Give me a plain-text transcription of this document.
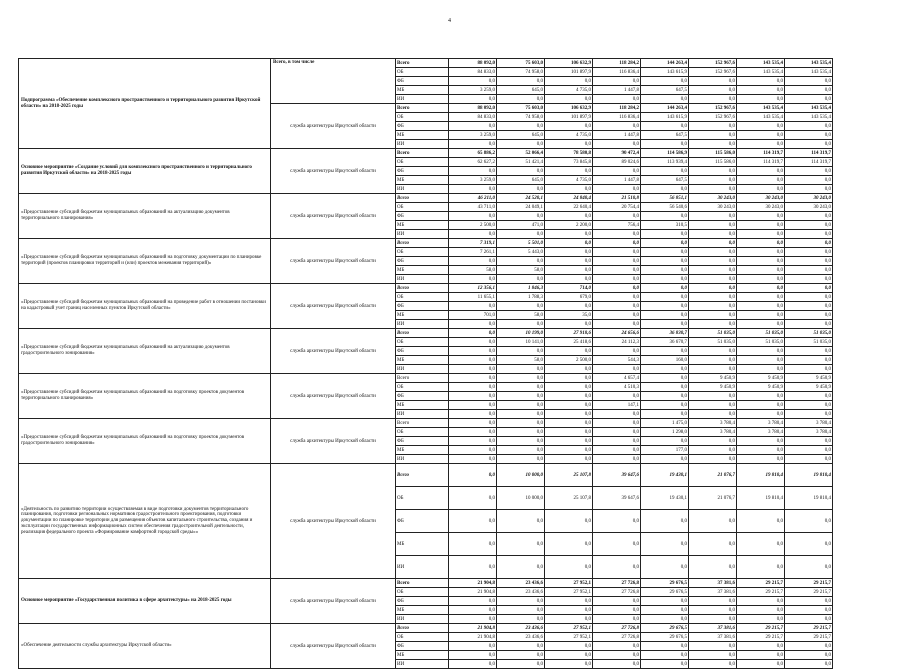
4
Подпрограмма «Обеспечение комплексного пространственного и территориального развития Иркутской области» на 2018-2025 годы	Всего, в том числе	Всего	88 092,0	75 603,0	106 632,9	118 284,2	144 263,4	152 967,6	143 535,4	143 535,4
		ОБ	84 833,0	74 958,0	101 897,9	116 836,4	143 615,9	152 967,6	143 535,4	143 535,4
		ФБ	0,0	0,0	0,0	0,0	0,0	0,0	0,0	0,0
		МБ	3 259,0	645,0	4 735,0	1 447,8	647,5	0,0	0,0	0,0
		ИИ	0,0	0,0	0,0	0,0	0,0	0,0	0,0	0,0
	служба архитектуры Иркутской области	Всего	88 092,0	75 603,0	106 632,9	118 284,2	144 263,4	152 967,6	143 535,4	143 535,4
		ОБ	84 833,0	74 958,0	101 897,9	116 836,4	143 615,9	152 967,6	143 535,4	143 535,4
		ФБ	0,0	0,0	0,0	0,0	0,0	0,0	0,0	0,0
		МБ	3 259,0	645,0	4 735,0	1 447,8	647,5	0,0	0,0	0,0
		ИИ	0,0	0,0	0,0	0,0	0,0	0,0	0,0	0,0
Основное мероприятие «Создание условий для комплексного пространственного и территориального развития Иркутской области» на 2018-2025 годы	служба архитектуры Иркутской области	Всего	65 886,2	52 066,4	78 580,8	90 472,4	114 586,9	115 586,0	114 319,7	114 319,7
		ОБ	62 627,2	51 421,4	73 845,8	89 024,6	113 939,4	115 586,0	114 319,7	114 319,7
		ФБ	0,0	0,0	0,0	0,0	0,0	0,0	0,0	0,0
		МБ	3 259,0	645,0	4 735,0	1 447,8	647,5	0,0	0,0	0,0
		ИИ	0,0	0,0	0,0	0,0	0,0	0,0	0,0	0,0
«Предоставление субсидий бюджетам муниципальных образований на актуализацию документов территориального планирования»	служба архитектуры Иркутской области	Всего	46 211,0	24 520,1	24 840,4	21 510,8	56 851,1	30 243,0	30 243,0	30 243,0
		ОБ	43 711,0	24 049,1	22 640,4	20 754,4	56 540,6	30 243,0	30 243,0	30 243,0
		ФБ	0,0	0,0	0,0	0,0	0,0	0,0	0,0	0,0
		МБ	2 500,0	471,0	2 200,0	756,4	310,5	0,0	0,0	0,0
		ИИ	0,0	0,0	0,0	0,0	0,0	0,0	0,0	0,0
«Предоставление субсидий бюджетам муниципальных образований на подготовку документации по планировке территорий (проектов планировки территорий и (или) проектов межевания территорий)»	служба архитектуры Иркутской области	Всего	7 319,1	5 501,0	0,0	0,0	0,0	0,0	0,0	0,0
		ОБ	7 261,1	5 443,0	0,0	0,0	0,0	0,0	0,0	0,0
		ФБ	0,0	0,0	0,0	0,0	0,0	0,0	0,0	0,0
		МБ	58,0	58,0	0,0	0,0	0,0	0,0	0,0	0,0
		ИИ	0,0	0,0	0,0	0,0	0,0	0,0	0,0	0,0
«Предоставление субсидий бюджетам муниципальных образований на проведение работ в отношении постановки на кадастровый учет границ населенных пунктов Иркутской области»	служба архитектуры Иркутской области	Всего	12 356,1	1 846,3	714,0	0,0	0,0	0,0	0,0	0,0
		ОБ	11 655,1	1 788,3	679,0	0,0	0,0	0,0	0,0	0,0
		ФБ	0,0	0,0	0,0	0,0	0,0	0,0	0,0	0,0
		МБ	701,0	58,0	35,0	0,0	0,0	0,0	0,0	0,0
		ИИ	0,0	0,0	0,0	0,0	0,0	0,0	0,0	0,0
«Предоставление субсидий бюджетам муниципальных образований на актуализацию документов градостроительного зонирования»	служба архитектуры Иркутской области	Всего	0,0	10 199,0	27 918,6	24 656,6	36 830,7	51 035,0	51 035,0	51 035,0
		ОБ	0,0	10 141,0	25 418,6	24 112,3	36 670,7	51 035,0	51 035,0	51 035,0
		ФБ	0,0	0,0	0,0	0,0	0,0	0,0	0,0	0,0
		МБ	0,0	58,0	2 500,0	544,3	160,0	0,0	0,0	0,0
		ИИ	0,0	0,0	0,0	0,0	0,0	0,0	0,0	0,0
«Предоставление субсидий бюджетам муниципальных образований на подготовку проектов документов территориального планирования»	служба архитектуры Иркутской области	Всего	0,0	0,0	0,0	4 657,4	0,0	9 450,9	9 450,9	9 450,9
		ОБ	0,0	0,0	0,0	4 510,3	0,0	9 450,9	9 450,9	9 450,9
		ФБ	0,0	0,0	0,0	0,0	0,0	0,0	0,0	0,0
		МБ	0,0	0,0	0,0	147,1	0,0	0,0	0,0	0,0
		ИИ	0,0	0,0	0,0	0,0	0,0	0,0	0,0	0,0
«Предоставление субсидий бюджетам муниципальных образований на подготовку проектов документов градостроительного зонирования»	служба архитектуры Иркутской области	Всего	0,0	0,0	0,0	0,0	1 475,0	3 780,4	3 780,4	3 780,4
		ОБ	0,0	0,0	0,0	0,0	1 298,0	3 780,4	3 780,4	3 780,4
		ФБ	0,0	0,0	0,0	0,0	0,0	0,0	0,0	0,0
		МБ	0,0	0,0	0,0	0,0	177,0	0,0	0,0	0,0
		ИИ	0,0	0,0	0,0	0,0	0,0	0,0	0,0	0,0
«Деятельность по развитию территории осуществляемая в виде подготовки документов территориального планирования, подготовки региональных нормативов градостроительного проектирования, подготовки документации по планировке территории для размещения объектов капитального строительства, создания и эксплуатации государственных информационных систем обеспечения градостроительной деятельности, реализация федерального проекта «Формирование комфортной городской среды»»	служба архитектуры Иркутской области	Всего	0,0	10 000,0	25 107,8	39 647,6	19 430,1	21 076,7	19 810,4	19 810,4
		ОБ	0,0	10 000,0	25 107,8	39 647,6	19 430,1	21 076,7	19 810,4	19 810,4
		ФБ	0,0	0,0	0,0	0,0	0,0	0,0	0,0	0,0
		МБ	0,0	0,0	0,0	0,0	0,0	0,0	0,0	0,0
		ИИ	0,0	0,0	0,0	0,0	0,0	0,0	0,0	0,0
Основное мероприятие «Государственная политика в сфере архитектуры» на 2018-2025 годы	служба архитектуры Иркутской области	Всего	21 904,8	23 436,6	27 952,1	27 726,8	29 676,5	37 381,6	29 215,7	29 215,7
		ОБ	21 904,8	23 436,6	27 952,1	27 726,8	29 676,5	37 381,6	29 215,7	29 215,7
		ФБ	0,0	0,0	0,0	0,0	0,0	0,0	0,0	0,0
		МБ	0,0	0,0	0,0	0,0	0,0	0,0	0,0	0,0
		ИИ	0,0	0,0	0,0	0,0	0,0	0,0	0,0	0,0
«Обеспечение деятельности службы архитектуры Иркутской области»	служба архитектуры Иркутской области	Всего	21 904,8	23 436,6	27 952,1	27 726,8	29 676,5	37 381,6	29 215,7	29 215,7
		ОБ	21 904,8	23 436,6	27 952,1	27 726,8	29 676,5	37 381,6	29 215,7	29 215,7
		ФБ	0,0	0,0	0,0	0,0	0,0	0,0	0,0	0,0
		МБ	0,0	0,0	0,0	0,0	0,0	0,0	0,0	0,0
		ИИ	0,0	0,0	0,0	0,0	0,0	0,0	0,0	0,0
